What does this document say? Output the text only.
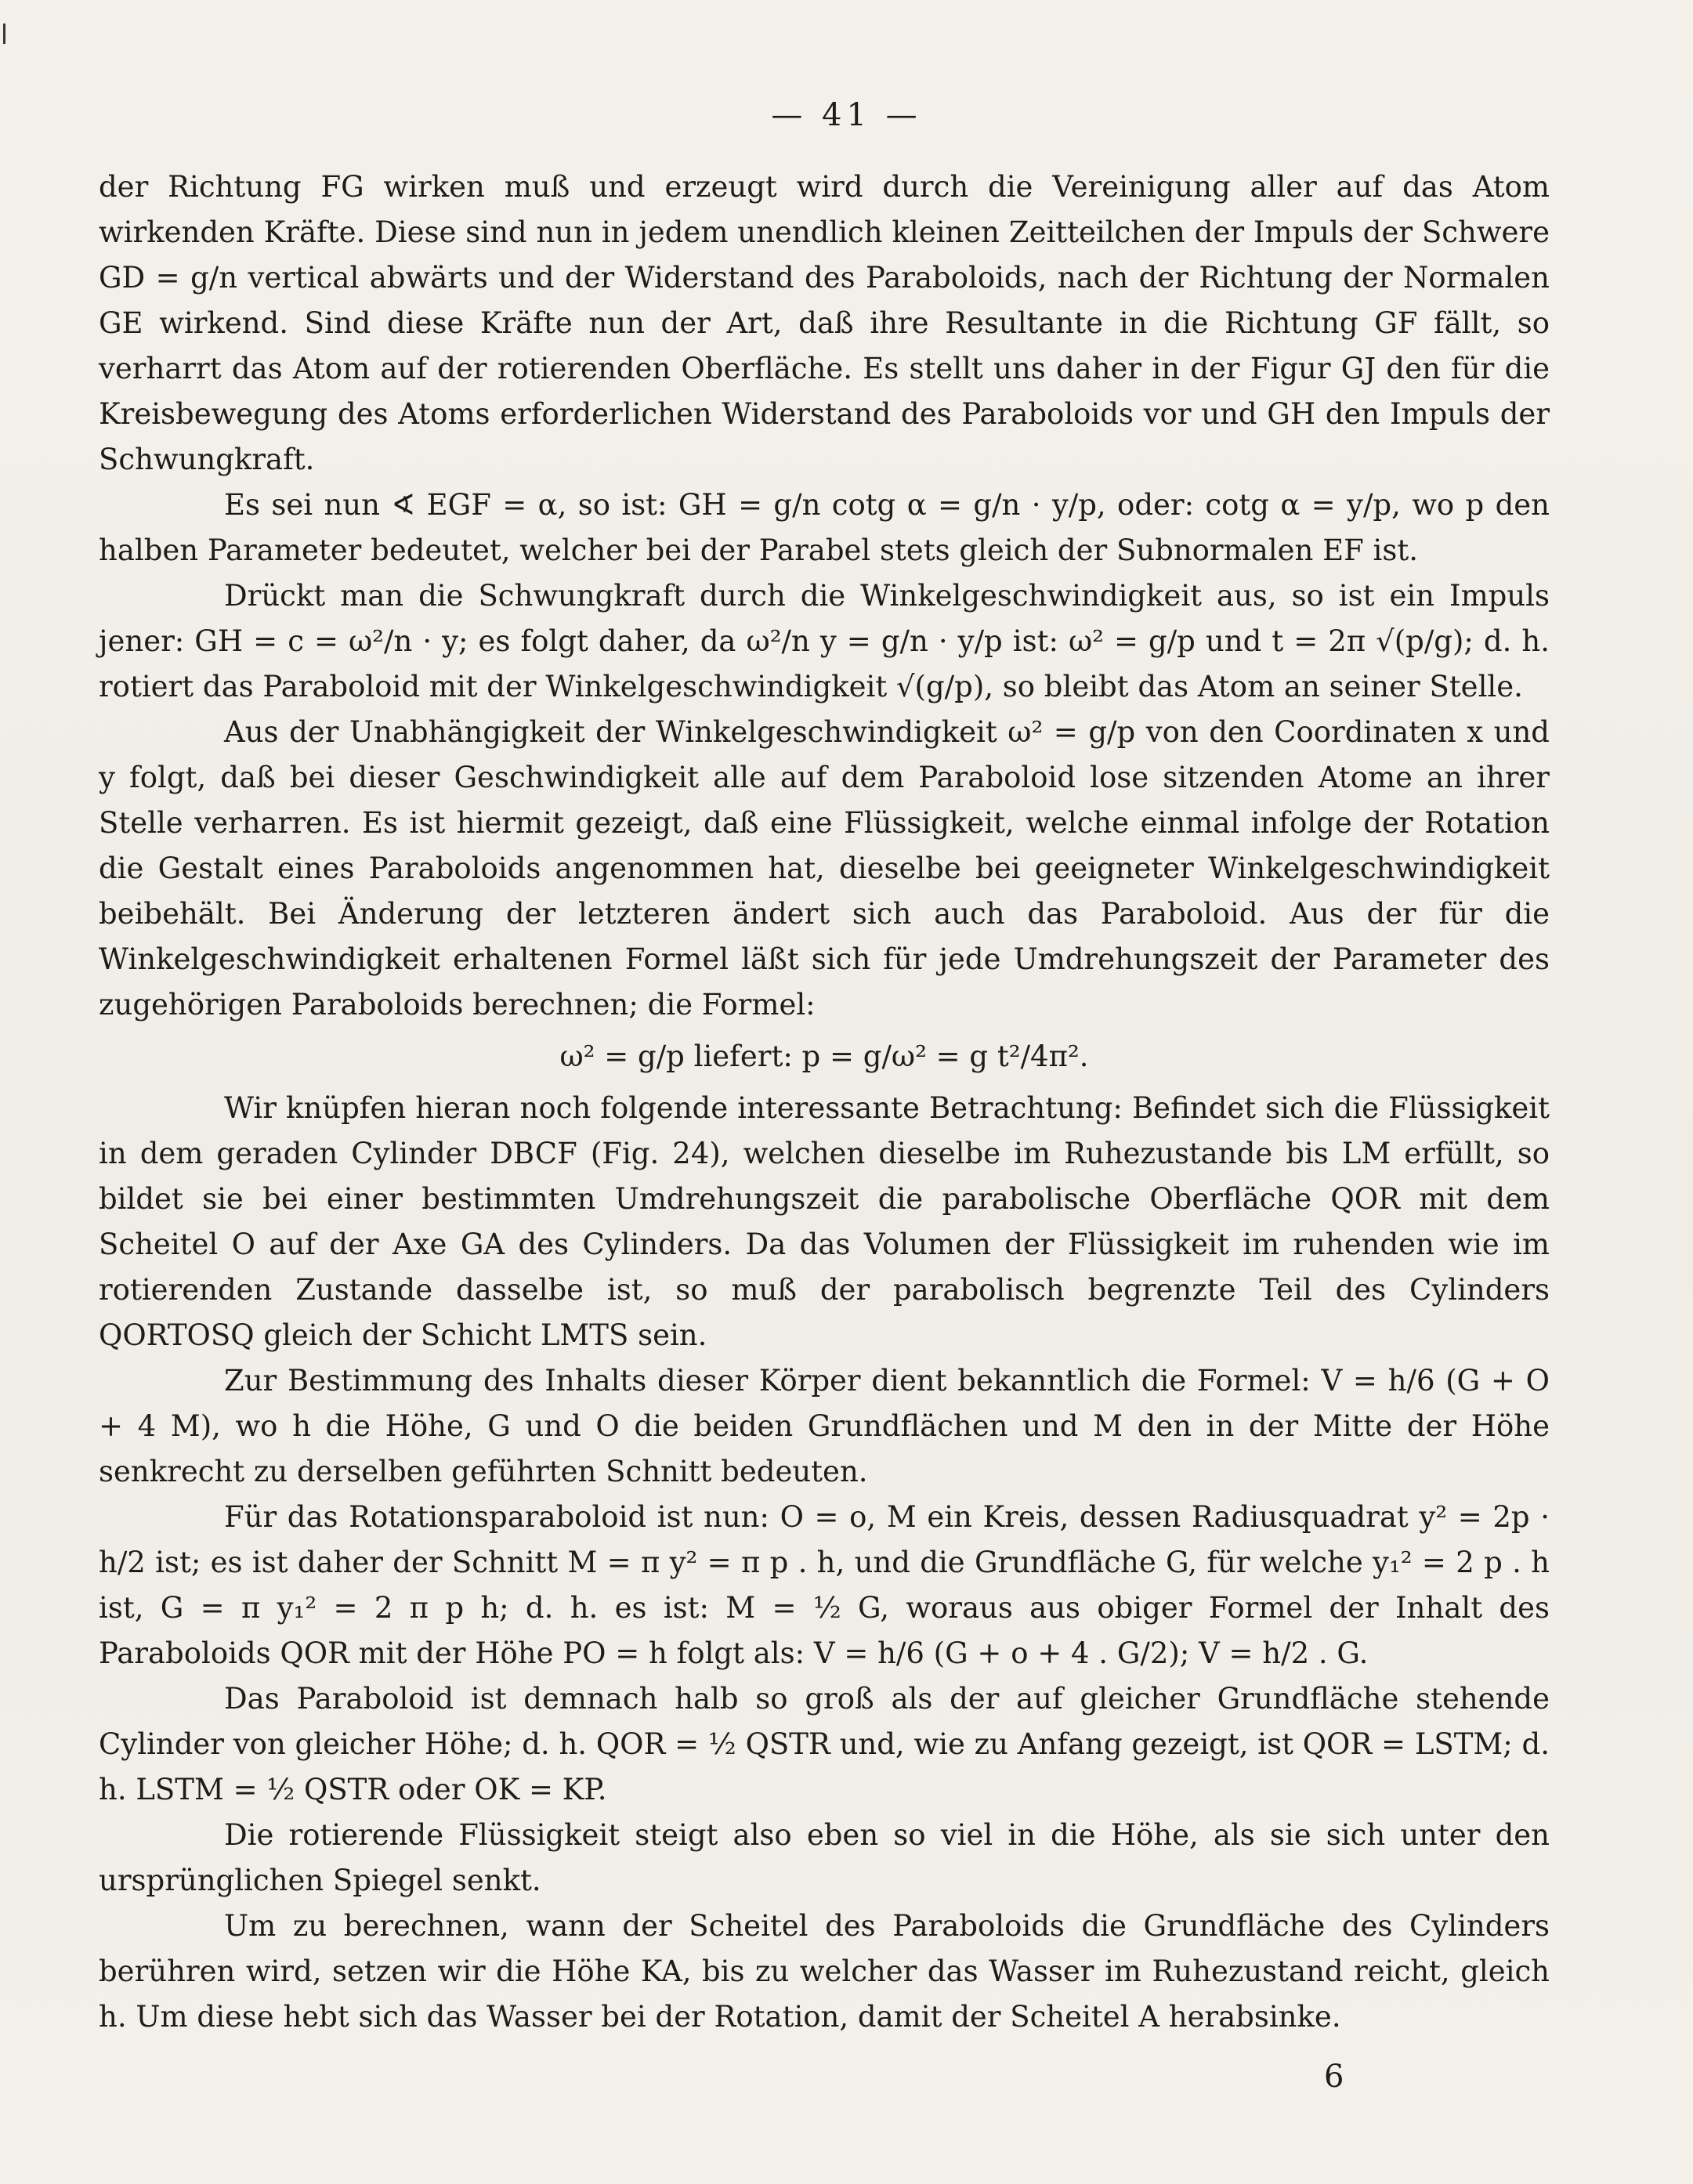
— 41 —

der Richtung FG wirken muß und erzeugt wird durch die Vereinigung aller auf das Atom wirkenden Kräfte. Diese sind nun in jedem unendlich kleinen Zeitteilchen der Impuls der Schwere GD = g/n vertical abwärts und der Widerstand des Paraboloids, nach der Richtung der Normalen GE wirkend. Sind diese Kräfte nun der Art, daß ihre Resultante in die Richtung GF fällt, so verharrt das Atom auf der rotierenden Oberfläche. Es stellt uns daher in der Figur GJ den für die Kreisbewegung des Atoms erforderlichen Widerstand des Paraboloids vor und GH den Impuls der Schwungkraft.

Es sei nun ∢ EGF = α, so ist: GH = g/n cotg α = g/n · y/p, oder: cotg α = y/p, wo p den halben Parameter bedeutet, welcher bei der Parabel stets gleich der Subnormalen EF ist.

Drückt man die Schwungkraft durch die Winkelgeschwindigkeit aus, so ist ein Impuls jener: GH = c = ω²/n · y; es folgt daher, da ω²/n y = g/n · y/p ist: ω² = g/p und t = 2π √(p/g); d. h. rotiert das Paraboloid mit der Winkelgeschwindigkeit √(g/p), so bleibt das Atom an seiner Stelle.

Aus der Unabhängigkeit der Winkelgeschwindigkeit ω² = g/p von den Coordinaten x und y folgt, daß bei dieser Geschwindigkeit alle auf dem Paraboloid lose sitzenden Atome an ihrer Stelle verharren. Es ist hiermit gezeigt, daß eine Flüssigkeit, welche einmal infolge der Rotation die Gestalt eines Paraboloids angenommen hat, dieselbe bei geeigneter Winkelgeschwindigkeit beibehält. Bei Änderung der letzteren ändert sich auch das Paraboloid. Aus der für die Winkelgeschwindigkeit erhaltenen Formel läßt sich für jede Umdrehungszeit der Parameter des zugehörigen Paraboloids berechnen; die Formel:

ω² = g/p liefert: p = g/ω² = g t²/4π².

Wir knüpfen hieran noch folgende interessante Betrachtung: Befindet sich die Flüssigkeit in dem geraden Cylinder DBCF (Fig. 24), welchen dieselbe im Ruhezustande bis LM erfüllt, so bildet sie bei einer bestimmten Umdrehungszeit die parabolische Oberfläche QOR mit dem Scheitel O auf der Axe GA des Cylinders. Da das Volumen der Flüssigkeit im ruhenden wie im rotierenden Zustande dasselbe ist, so muß der parabolisch begrenzte Teil des Cylinders QORTOSQ gleich der Schicht LMTS sein.

Zur Bestimmung des Inhalts dieser Körper dient bekanntlich die Formel: V = h/6 (G + O + 4 M), wo h die Höhe, G und O die beiden Grundflächen und M den in der Mitte der Höhe senkrecht zu derselben geführten Schnitt bedeuten.

Für das Rotationsparaboloid ist nun: O = o, M ein Kreis, dessen Radiusquadrat y² = 2p · h/2 ist; es ist daher der Schnitt M = π y² = π p . h, und die Grundfläche G, für welche y₁² = 2 p . h ist, G = π y₁² = 2 π p h; d. h. es ist: M = ½ G, woraus aus obiger Formel der Inhalt des Paraboloids QOR mit der Höhe PO = h folgt als: V = h/6 (G + o + 4 . G/2); V = h/2 . G.

Das Paraboloid ist demnach halb so groß als der auf gleicher Grundfläche stehende Cylinder von gleicher Höhe; d. h. QOR = ½ QSTR und, wie zu Anfang gezeigt, ist QOR = LSTM; d. h. LSTM = ½ QSTR oder OK = KP.

Die rotierende Flüssigkeit steigt also eben so viel in die Höhe, als sie sich unter den ursprünglichen Spiegel senkt.

Um zu berechnen, wann der Scheitel des Paraboloids die Grundfläche des Cylinders berühren wird, setzen wir die Höhe KA, bis zu welcher das Wasser im Ruhezustand reicht, gleich h. Um diese hebt sich das Wasser bei der Rotation, damit der Scheitel A herabsinke.

6
